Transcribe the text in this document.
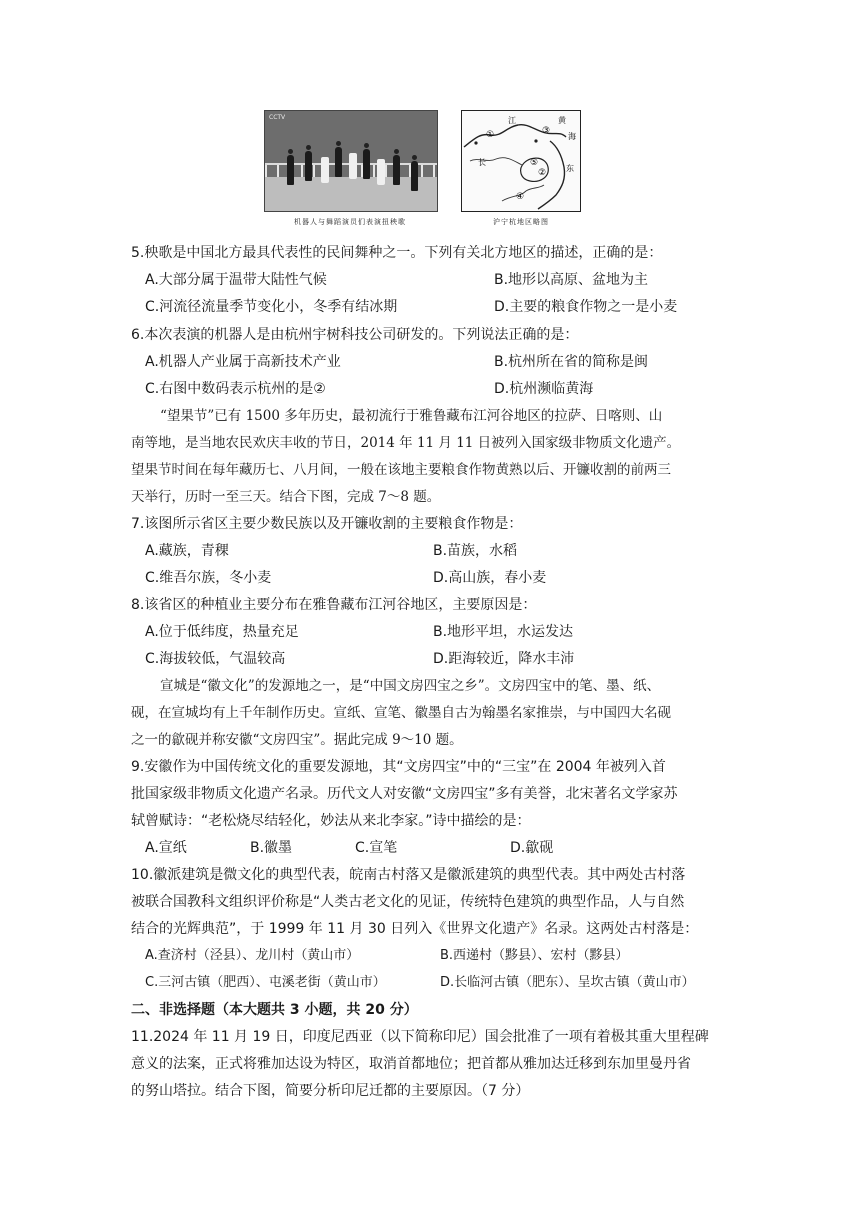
CCTV
机器人与舞蹈演员们表演扭秧歌
长
江	黄
海
东
①
②
③
④
⑤
沪宁杭地区略图
5.秧歌是中国北方最具代表性的民间舞种之一。下列有关北方地区的描述，正确的是：
A.大部分属于温带大陆性气候	B.地形以高原、盆地为主
C.河流径流量季节变化小，冬季有结冰期	D.主要的粮食作物之一是小麦
6.本次表演的机器人是由杭州宇树科技公司研发的。下列说法正确的是：
A.机器人产业属于高新技术产业	B.杭州所在省的简称是闽
C.右图中数码表示杭州的是②	D.杭州濒临黄海
“望果节”已有 1500 多年历史，最初流行于雅鲁藏布江河谷地区的拉萨、日喀则、山
南等地，是当地农民欢庆丰收的节日，2014 年 11 月 11 日被列入国家级非物质文化遗产。
望果节时间在每年藏历七、八月间，一般在该地主要粮食作物黄熟以后、开镰收割的前两三
天举行，历时一至三天。结合下图，完成 7～8 题。
7.该图所示省区主要少数民族以及开镰收割的主要粮食作物是：
A.藏族，青稞	B.苗族，水稻
C.维吾尔族，冬小麦	D.高山族，春小麦
8.该省区的种植业主要分布在雅鲁藏布江河谷地区，主要原因是：
A.位于低纬度，热量充足	B.地形平坦，水运发达
C.海拔较低，气温较高	D.距海较近，降水丰沛
宣城是“徽文化”的发源地之一，是“中国文房四宝之乡”。文房四宝中的笔、墨、纸、
砚，在宣城均有上千年制作历史。宣纸、宣笔、徽墨自古为翰墨名家推崇，与中国四大名砚
之一的歙砚并称安徽“文房四宝”。据此完成 9～10 题。
9.安徽作为中国传统文化的重要发源地，其“文房四宝”中的“三宝”在 2004 年被列入首
批国家级非物质文化遗产名录。历代文人对安徽“文房四宝”多有美誉，北宋著名文学家苏
轼曾赋诗：“老松烧尽结轻化，妙法从来北李家。”诗中描绘的是：
A.宣纸	B.徽墨	C.宣笔	D.歙砚
10.徽派建筑是微文化的典型代表，皖南古村落又是徽派建筑的典型代表。其中两处古村落
被联合国教科文组织评价称是“人类古老文化的见证，传统特色建筑的典型作品，人与自然
结合的光辉典范”，于 1999 年 11 月 30 日列入《世界文化遗产》名录。这两处古村落是：
A.查济村（泾县）、龙川村（黄山市）	B.西递村（黟县）、宏村（黟县）
C.三河古镇（肥西）、屯溪老街（黄山市）	D.长临河古镇（肥东）、呈坎古镇（黄山市）
二、非选择题（本大题共 3 小题，共 20 分）
11.2024 年 11 月 19 日，印度尼西亚（以下简称印尼）国会批准了一项有着极其重大里程碑
意义的法案，正式将雅加达设为特区，取消首都地位；把首都从雅加达迁移到东加里曼丹省
的努山塔拉。结合下图，简要分析印尼迁都的主要原因。（7 分）
